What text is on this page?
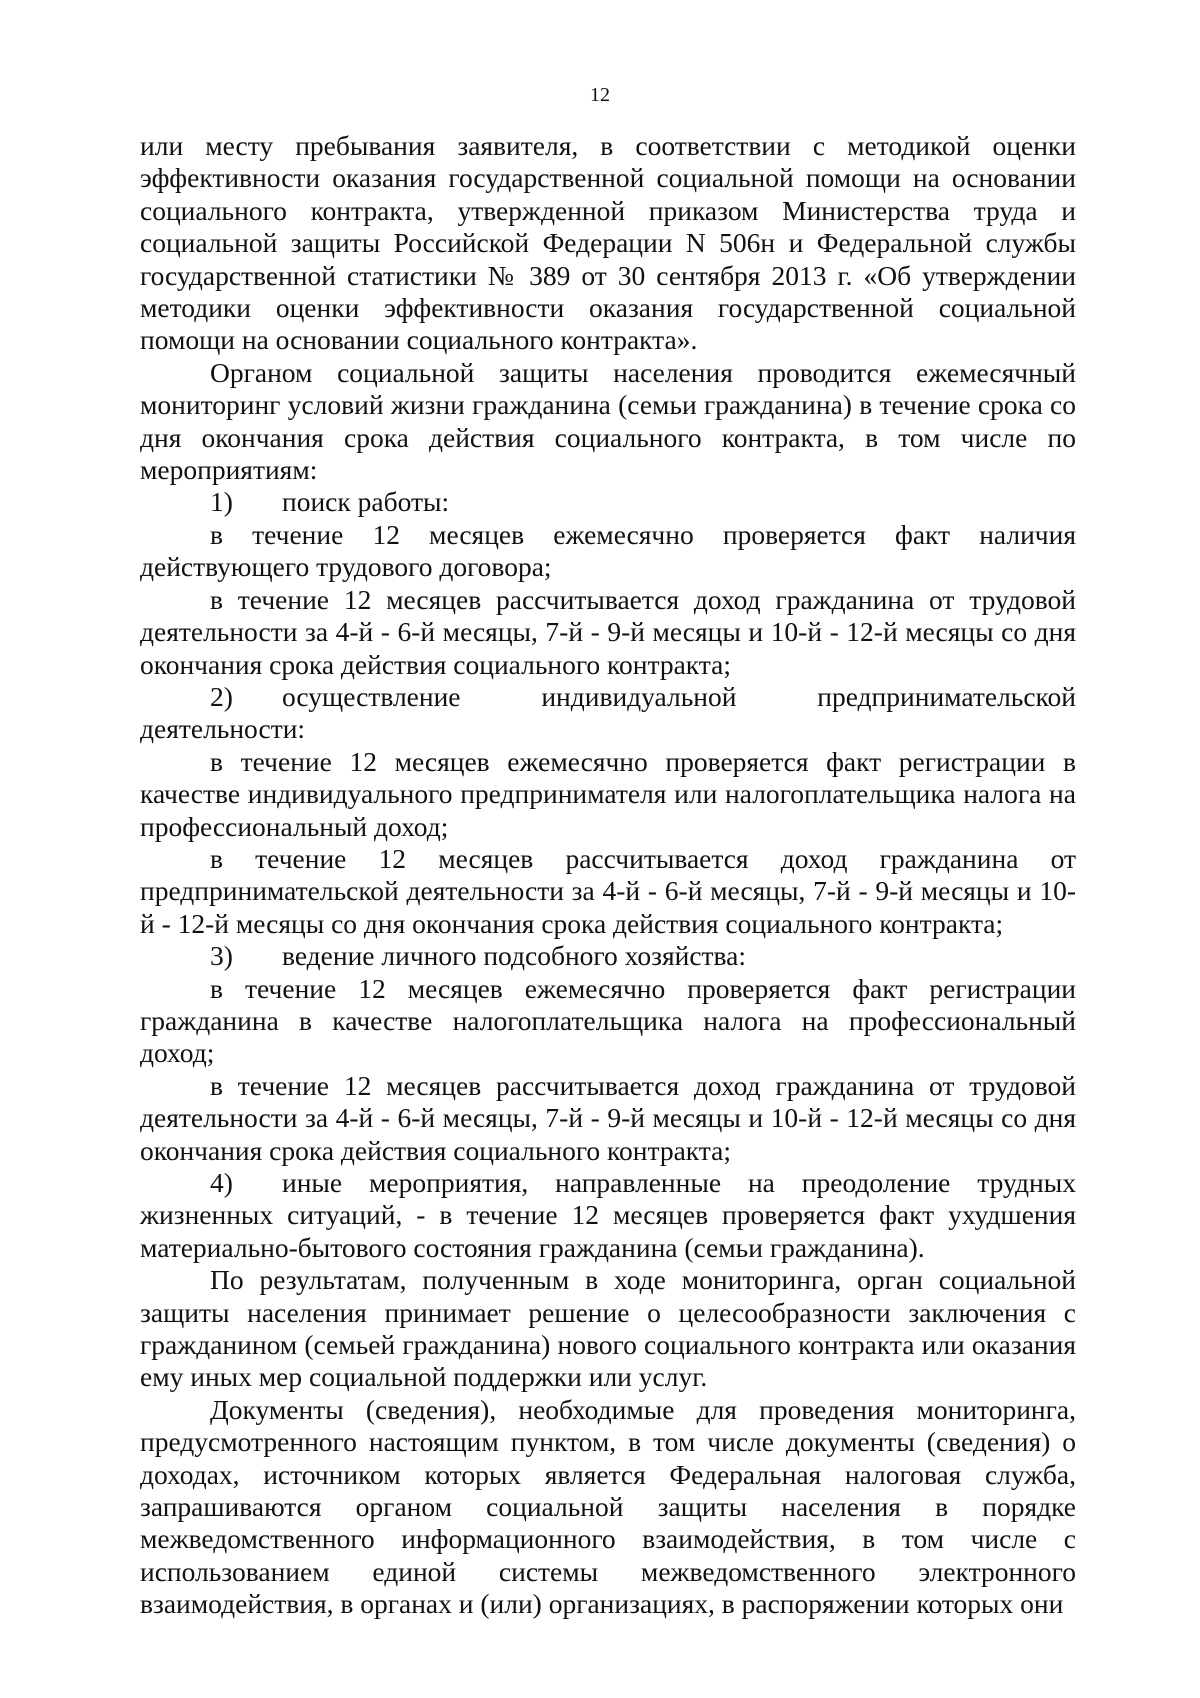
12

или месту пребывания заявителя, в соответствии с методикой оценки эффективности оказания государственной социальной помощи на основании социального контракта, утвержденной приказом Министерства труда и социальной защиты Российской Федерации N 506н и Федеральной службы государственной статистики № 389 от 30 сентября 2013 г. «Об утверждении методики оценки эффективности оказания государственной социальной помощи на основании социального контракта».

Органом социальной защиты населения проводится ежемесячный мониторинг условий жизни гражданина (семьи гражданина) в течение срока со дня окончания срока действия социального контракта, в том числе по мероприятиям:

1) поиск работы:

в течение 12 месяцев ежемесячно проверяется факт наличия действующего трудового договора;

в течение 12 месяцев рассчитывается доход гражданина от трудовой деятельности за 4-й - 6-й месяцы, 7-й - 9-й месяцы и 10-й - 12-й месяцы со дня окончания срока действия социального контракта;

2) осуществление индивидуальной предпринимательской деятельности:

в течение 12 месяцев ежемесячно проверяется факт регистрации в качестве индивидуального предпринимателя или налогоплательщика налога на профессиональный доход;

в течение 12 месяцев рассчитывается доход гражданина от предпринимательской деятельности за 4-й - 6-й месяцы, 7-й - 9-й месяцы и 10-й - 12-й месяцы со дня окончания срока действия социального контракта;

3) ведение личного подсобного хозяйства:

в течение 12 месяцев ежемесячно проверяется факт регистрации гражданина в качестве налогоплательщика налога на профессиональный доход;

в течение 12 месяцев рассчитывается доход гражданина от трудовой деятельности за 4-й - 6-й месяцы, 7-й - 9-й месяцы и 10-й - 12-й месяцы со дня окончания срока действия социального контракта;

4) иные мероприятия, направленные на преодоление трудных жизненных ситуаций, - в течение 12 месяцев проверяется факт ухудшения материально-бытового состояния гражданина (семьи гражданина).

По результатам, полученным в ходе мониторинга, орган социальной защиты населения принимает решение о целесообразности заключения с гражданином (семьей гражданина) нового социального контракта или оказания ему иных мер социальной поддержки или услуг.

Документы (сведения), необходимые для проведения мониторинга, предусмотренного настоящим пунктом, в том числе документы (сведения) о доходах, источником которых является Федеральная налоговая служба, запрашиваются органом социальной защиты населения в порядке межведомственного информационного взаимодействия, в том числе с использованием единой системы межведомственного электронного взаимодействия, в органах и (или) организациях, в распоряжении которых они
